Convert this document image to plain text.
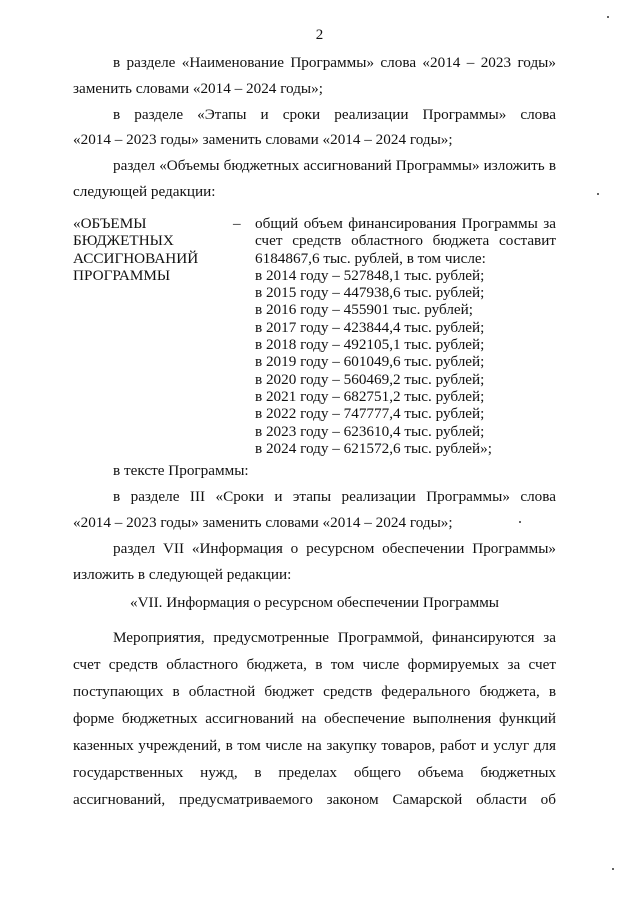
2
в разделе «Наименование Программы» слова «2014 – 2023 годы»
заменить словами «2014 – 2024 годы»;
в разделе «Этапы и сроки реализации Программы» слова
«2014 – 2023 годы» заменить словами «2014 – 2024 годы»;
раздел «Объемы бюджетных ассигнований Программы» изложить в
следующей редакции:
«ОБЪЕМЫ
БЮДЖЕТНЫХ
АССИГНОВАНИЙ
ПРОГРАММЫ
– общий объем финансирования Программы за
счет средств областного бюджета составит
6184867,6 тыс. рублей, в том числе:
в 2014 году – 527848,1 тыс. рублей;
в 2015 году – 447938,6 тыс. рублей;
в 2016 году – 455901 тыс. рублей;
в 2017 году – 423844,4 тыс. рублей;
в 2018 году – 492105,1 тыс. рублей;
в 2019 году – 601049,6 тыс. рублей;
в 2020 году – 560469,2 тыс. рублей;
в 2021 году – 682751,2 тыс. рублей;
в 2022 году – 747777,4 тыс. рублей;
в 2023 году – 623610,4 тыс. рублей;
в 2024 году – 621572,6 тыс. рублей»;
в тексте Программы:
в разделе III «Сроки и этапы реализации Программы» слова
«2014 – 2023 годы» заменить словами «2014 – 2024 годы»;
раздел VII «Информация о ресурсном обеспечении Программы»
изложить в следующей редакции:
«VII. Информация о ресурсном обеспечении Программы
Мероприятия, предусмотренные Программой, финансируются за
счет средств областного бюджета, в том числе формируемых за счет
поступающих в областной бюджет средств федерального бюджета, в
форме бюджетных ассигнований на обеспечение выполнения функций
казенных учреждений, в том числе на закупку товаров, работ и услуг для
государственных нужд, в пределах общего объема бюджетных
ассигнований, предусматриваемого законом Самарской области об
